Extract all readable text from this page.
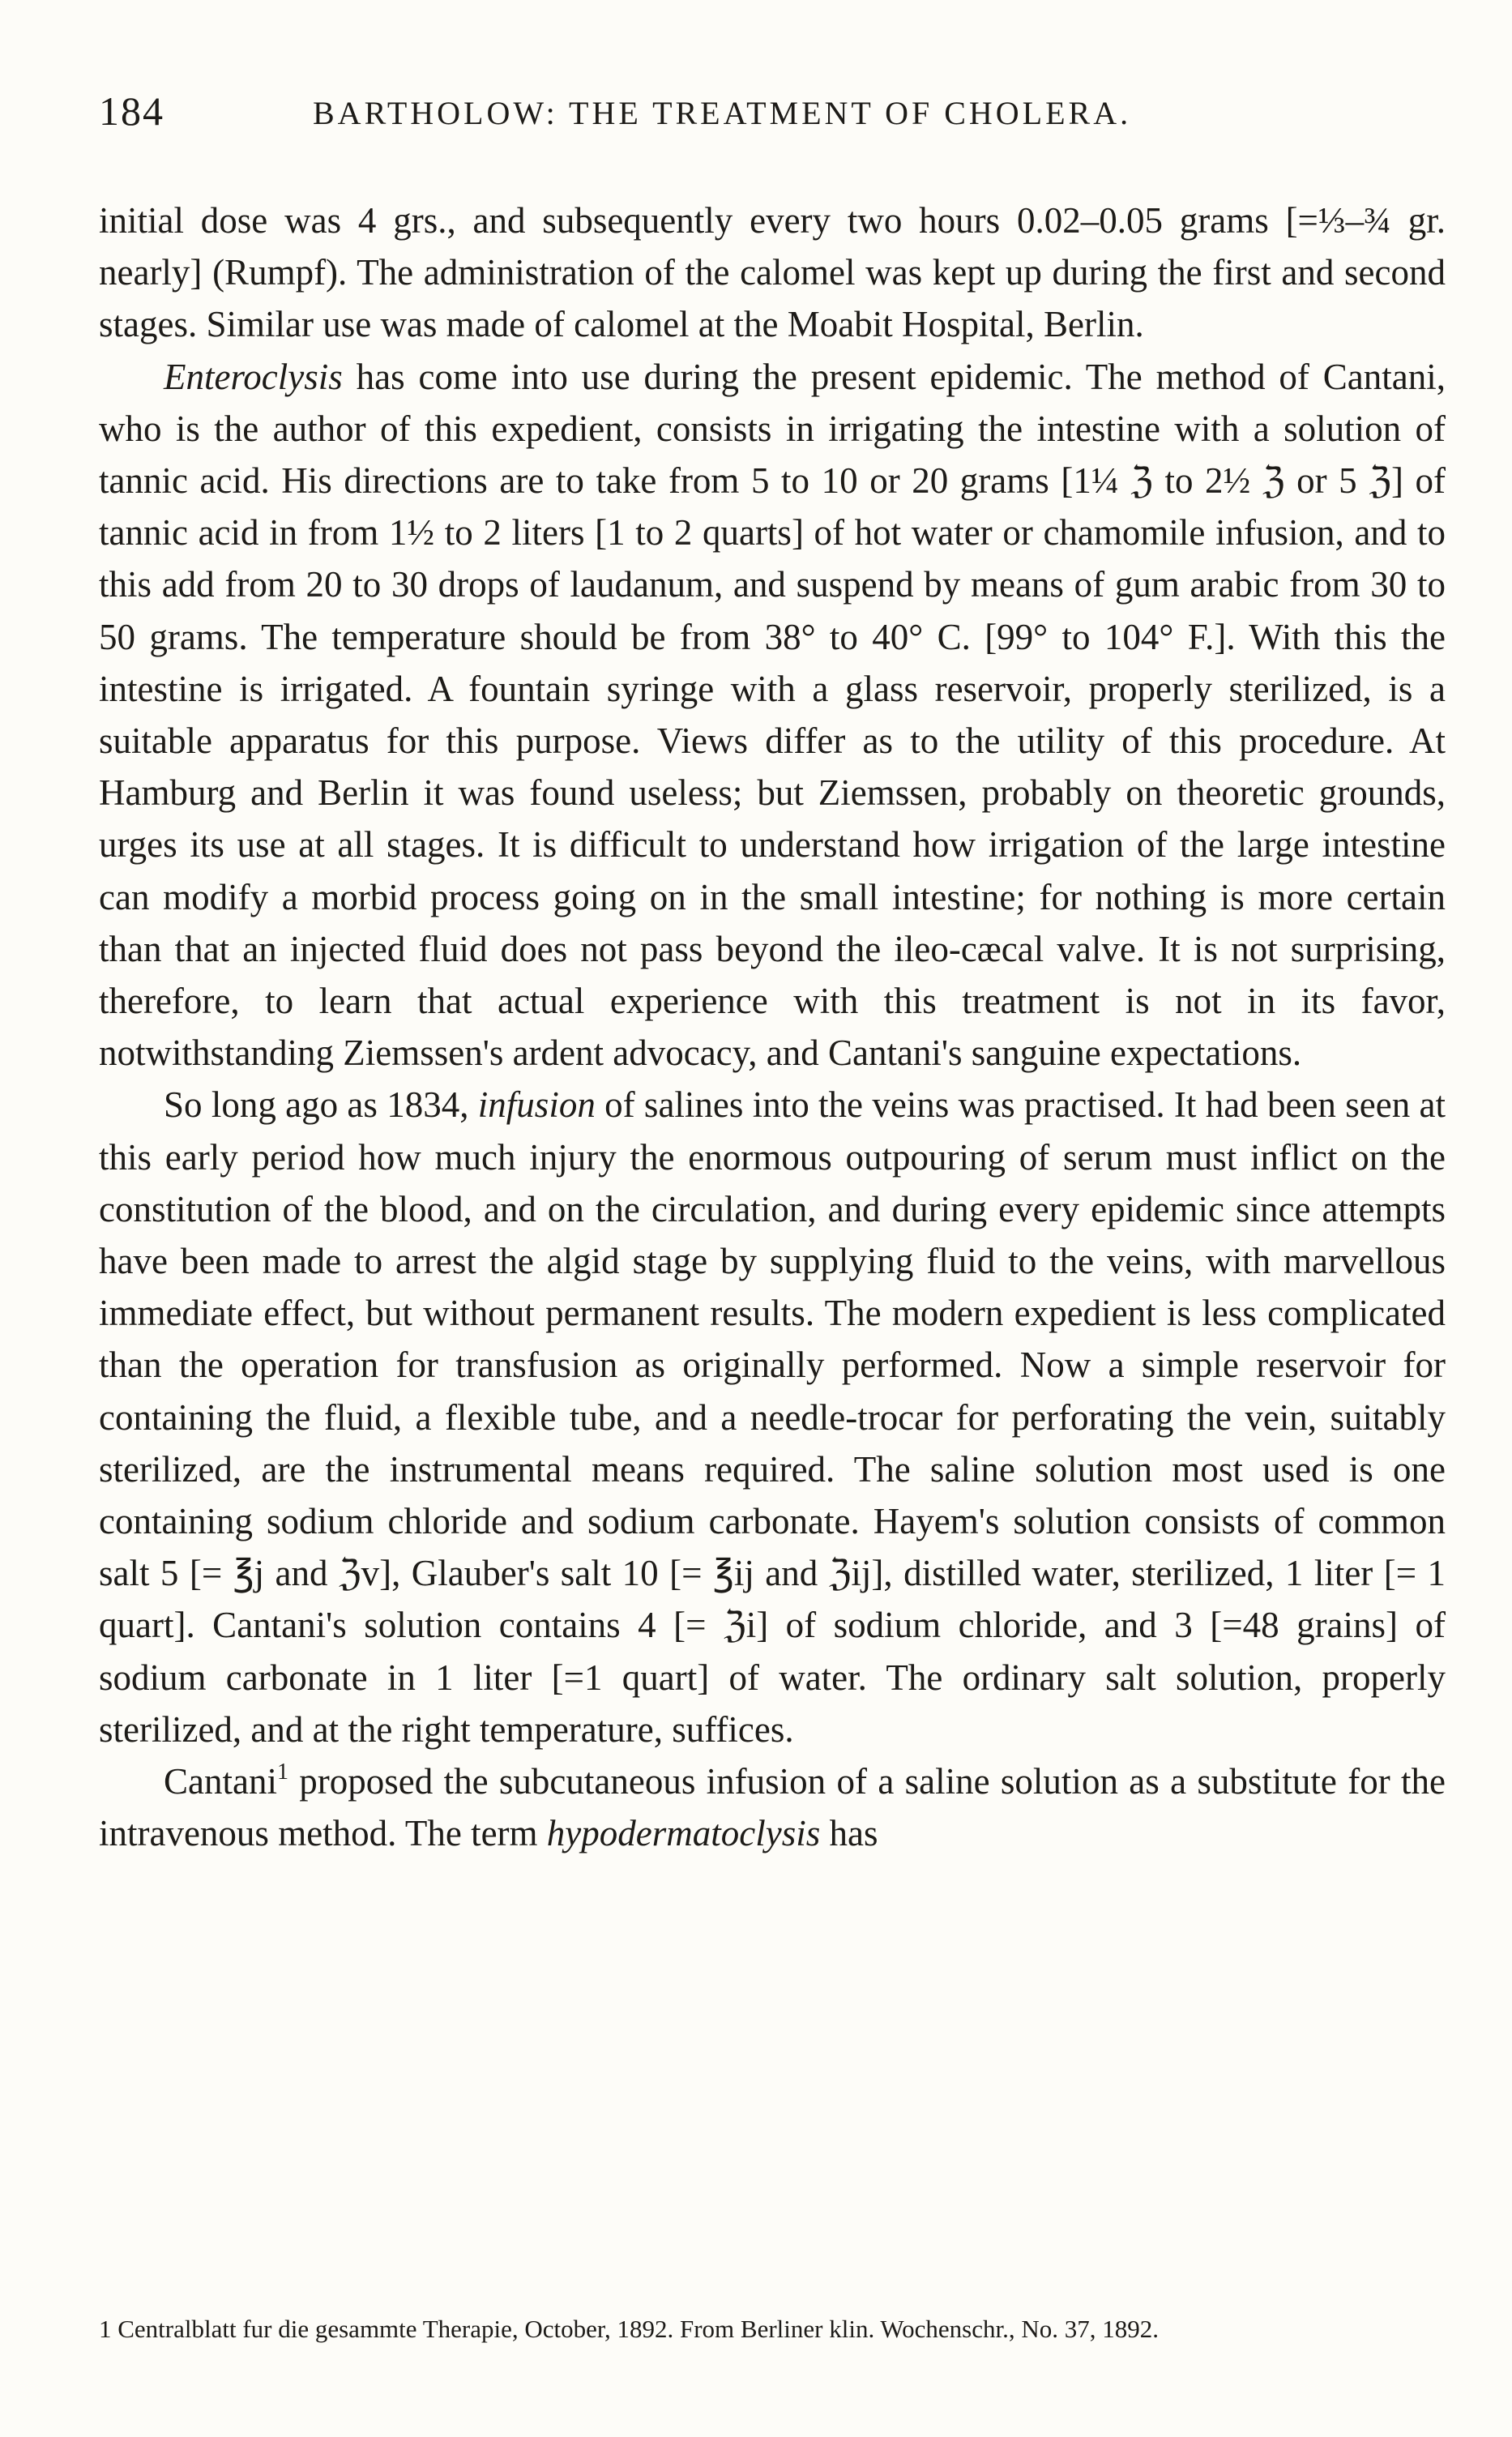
184	BARTHOLOW: THE TREATMENT OF CHOLERA.

initial dose was 4 grs., and subsequently every two hours 0.02–0.05 grams [=⅓–¾ gr. nearly] (Rumpf). The administration of the calomel was kept up during the first and second stages. Similar use was made of calomel at the Moabit Hospital, Berlin.

Enteroclysis has come into use during the present epidemic. The method of Cantani, who is the author of this expedient, consists in irrigating the intestine with a solution of tannic acid. His directions are to take from 5 to 10 or 20 grams [1¼ ℨ to 2½ ℨ or 5 ℨ] of tannic acid in from 1½ to 2 liters [1 to 2 quarts] of hot water or chamomile infusion, and to this add from 20 to 30 drops of laudanum, and suspend by means of gum arabic from 30 to 50 grams. The temperature should be from 38° to 40° C. [99° to 104° F.]. With this the intestine is irrigated. A fountain syringe with a glass reservoir, properly sterilized, is a suitable apparatus for this purpose. Views differ as to the utility of this procedure. At Hamburg and Berlin it was found useless; but Ziemssen, probably on theoretic grounds, urges its use at all stages. It is difficult to understand how irrigation of the large intestine can modify a morbid process going on in the small intestine; for nothing is more certain than that an injected fluid does not pass beyond the ileo-cæcal valve. It is not surprising, therefore, to learn that actual experience with this treatment is not in its favor, notwithstanding Ziemssen's ardent advocacy, and Cantani's sanguine expectations.

So long ago as 1834, infusion of salines into the veins was practised. It had been seen at this early period how much injury the enormous outpouring of serum must inflict on the constitution of the blood, and on the circulation, and during every epidemic since attempts have been made to arrest the algid stage by supplying fluid to the veins, with marvellous immediate effect, but without permanent results. The modern expedient is less complicated than the operation for transfusion as originally performed. Now a simple reservoir for containing the fluid, a flexible tube, and a needle-trocar for perforating the vein, suitably sterilized, are the instrumental means required. The saline solution most used is one containing sodium chloride and sodium carbonate. Hayem's solution consists of common salt 5 [= ℥j and ℨv], Glauber's salt 10 [= ℥ij and ℨij], distilled water, sterilized, 1 liter [= 1 quart]. Cantani's solution contains 4 [= ℨi] of sodium chloride, and 3 [=48 grains] of sodium carbonate in 1 liter [=1 quart] of water. The ordinary salt solution, properly sterilized, and at the right temperature, suffices.

Cantani$^1$ proposed the subcutaneous infusion of a saline solution as a substitute for the intravenous method. The term hypodermatoclysis has

1 Centralblatt fur die gesammte Therapie, October, 1892. From Berliner klin. Wochenschr., No. 37, 1892.
